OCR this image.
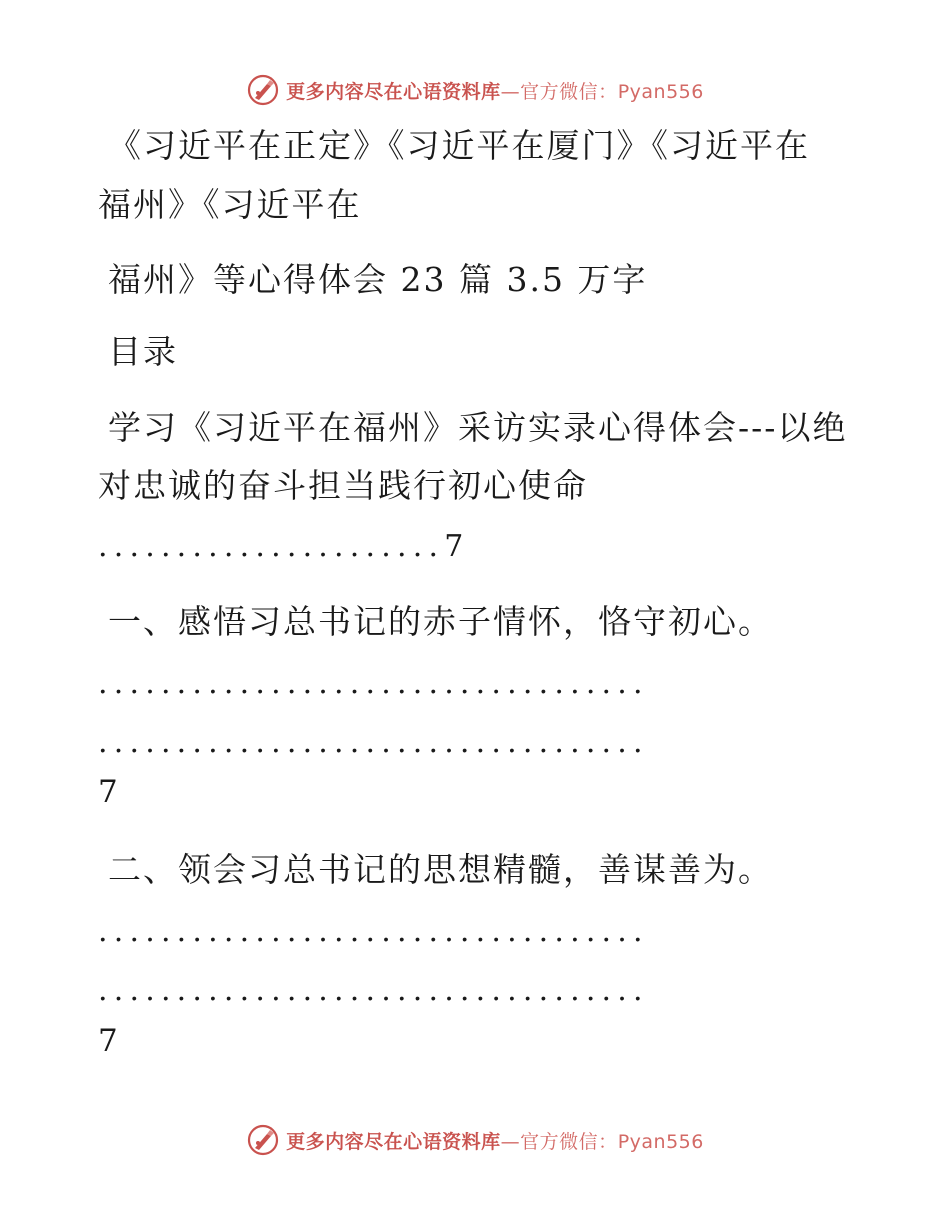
更多内容尽在心语资料库—官方微信：Pyan556
《习近平在正定》《习近平在厦门》《习近平在
福州》《习近平在
福州》等心得体会 23 篇 3.5 万字
目录
学习《习近平在福州》采访实录心得体会---以绝
对忠诚的奋斗担当践行初心使命
......................7
一、感悟习总书记的赤子情怀，恪守初心。
...................................
...................................
7
二、领会习总书记的思想精髓，善谋善为。
...................................
...................................
7
更多内容尽在心语资料库—官方微信：Pyan556
